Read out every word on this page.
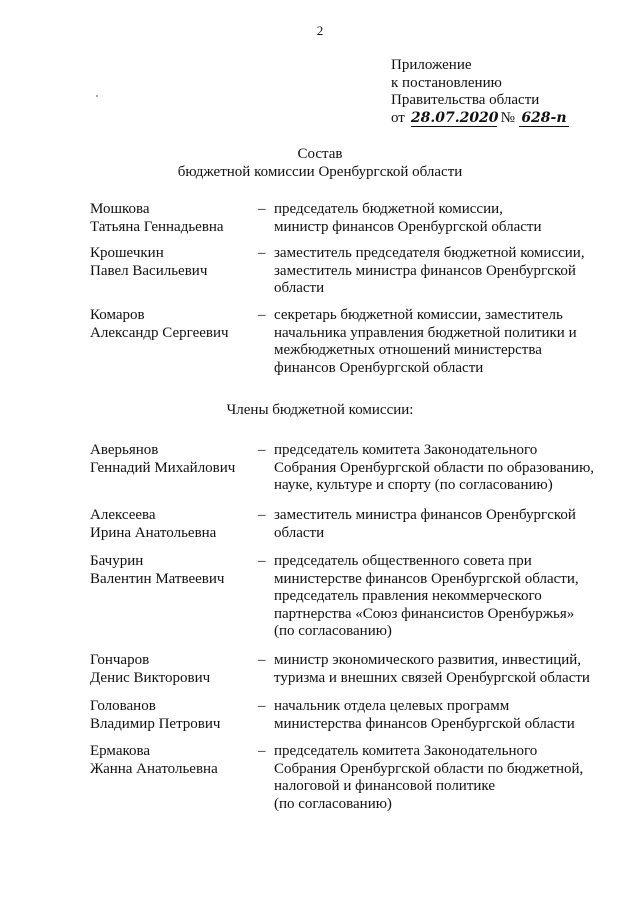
2
Приложение
к постановлению
Правительства области
от 28.07.2020 № 628-п
Состав
бюджетной комиссии Оренбургской области
Мошкова
Татьяна Геннадьевна
– председатель бюджетной комиссии,
министр финансов Оренбургской области
Крошечкин
Павел Васильевич
– заместитель председателя бюджетной комиссии,
заместитель министра финансов Оренбургской
области
Комаров
Александр Сергеевич
– секретарь бюджетной комиссии, заместитель
начальника управления бюджетной политики и
межбюджетных отношений министерства
финансов Оренбургской области
Члены бюджетной комиссии:
Аверьянов
Геннадий Михайлович
– председатель комитета Законодательного
Собрания Оренбургской области по образованию,
науке, культуре и спорту (по согласованию)
Алексеева
Ирина Анатольевна
– заместитель министра финансов Оренбургской
области
Бачурин
Валентин Матвеевич
– председатель общественного совета при
министерстве финансов Оренбургской области,
председатель правления некоммерческого
партнерства «Союз финансистов Оренбуржья»
(по согласованию)
Гончаров
Денис Викторович
– министр экономического развития, инвестиций,
туризма и внешних связей Оренбургской области
Голованов
Владимир Петрович
– начальник отдела целевых программ
министерства финансов Оренбургской области
Ермакова
Жанна Анатольевна
– председатель комитета Законодательного
Собрания Оренбургской области по бюджетной,
налоговой и финансовой политике
(по согласованию)
